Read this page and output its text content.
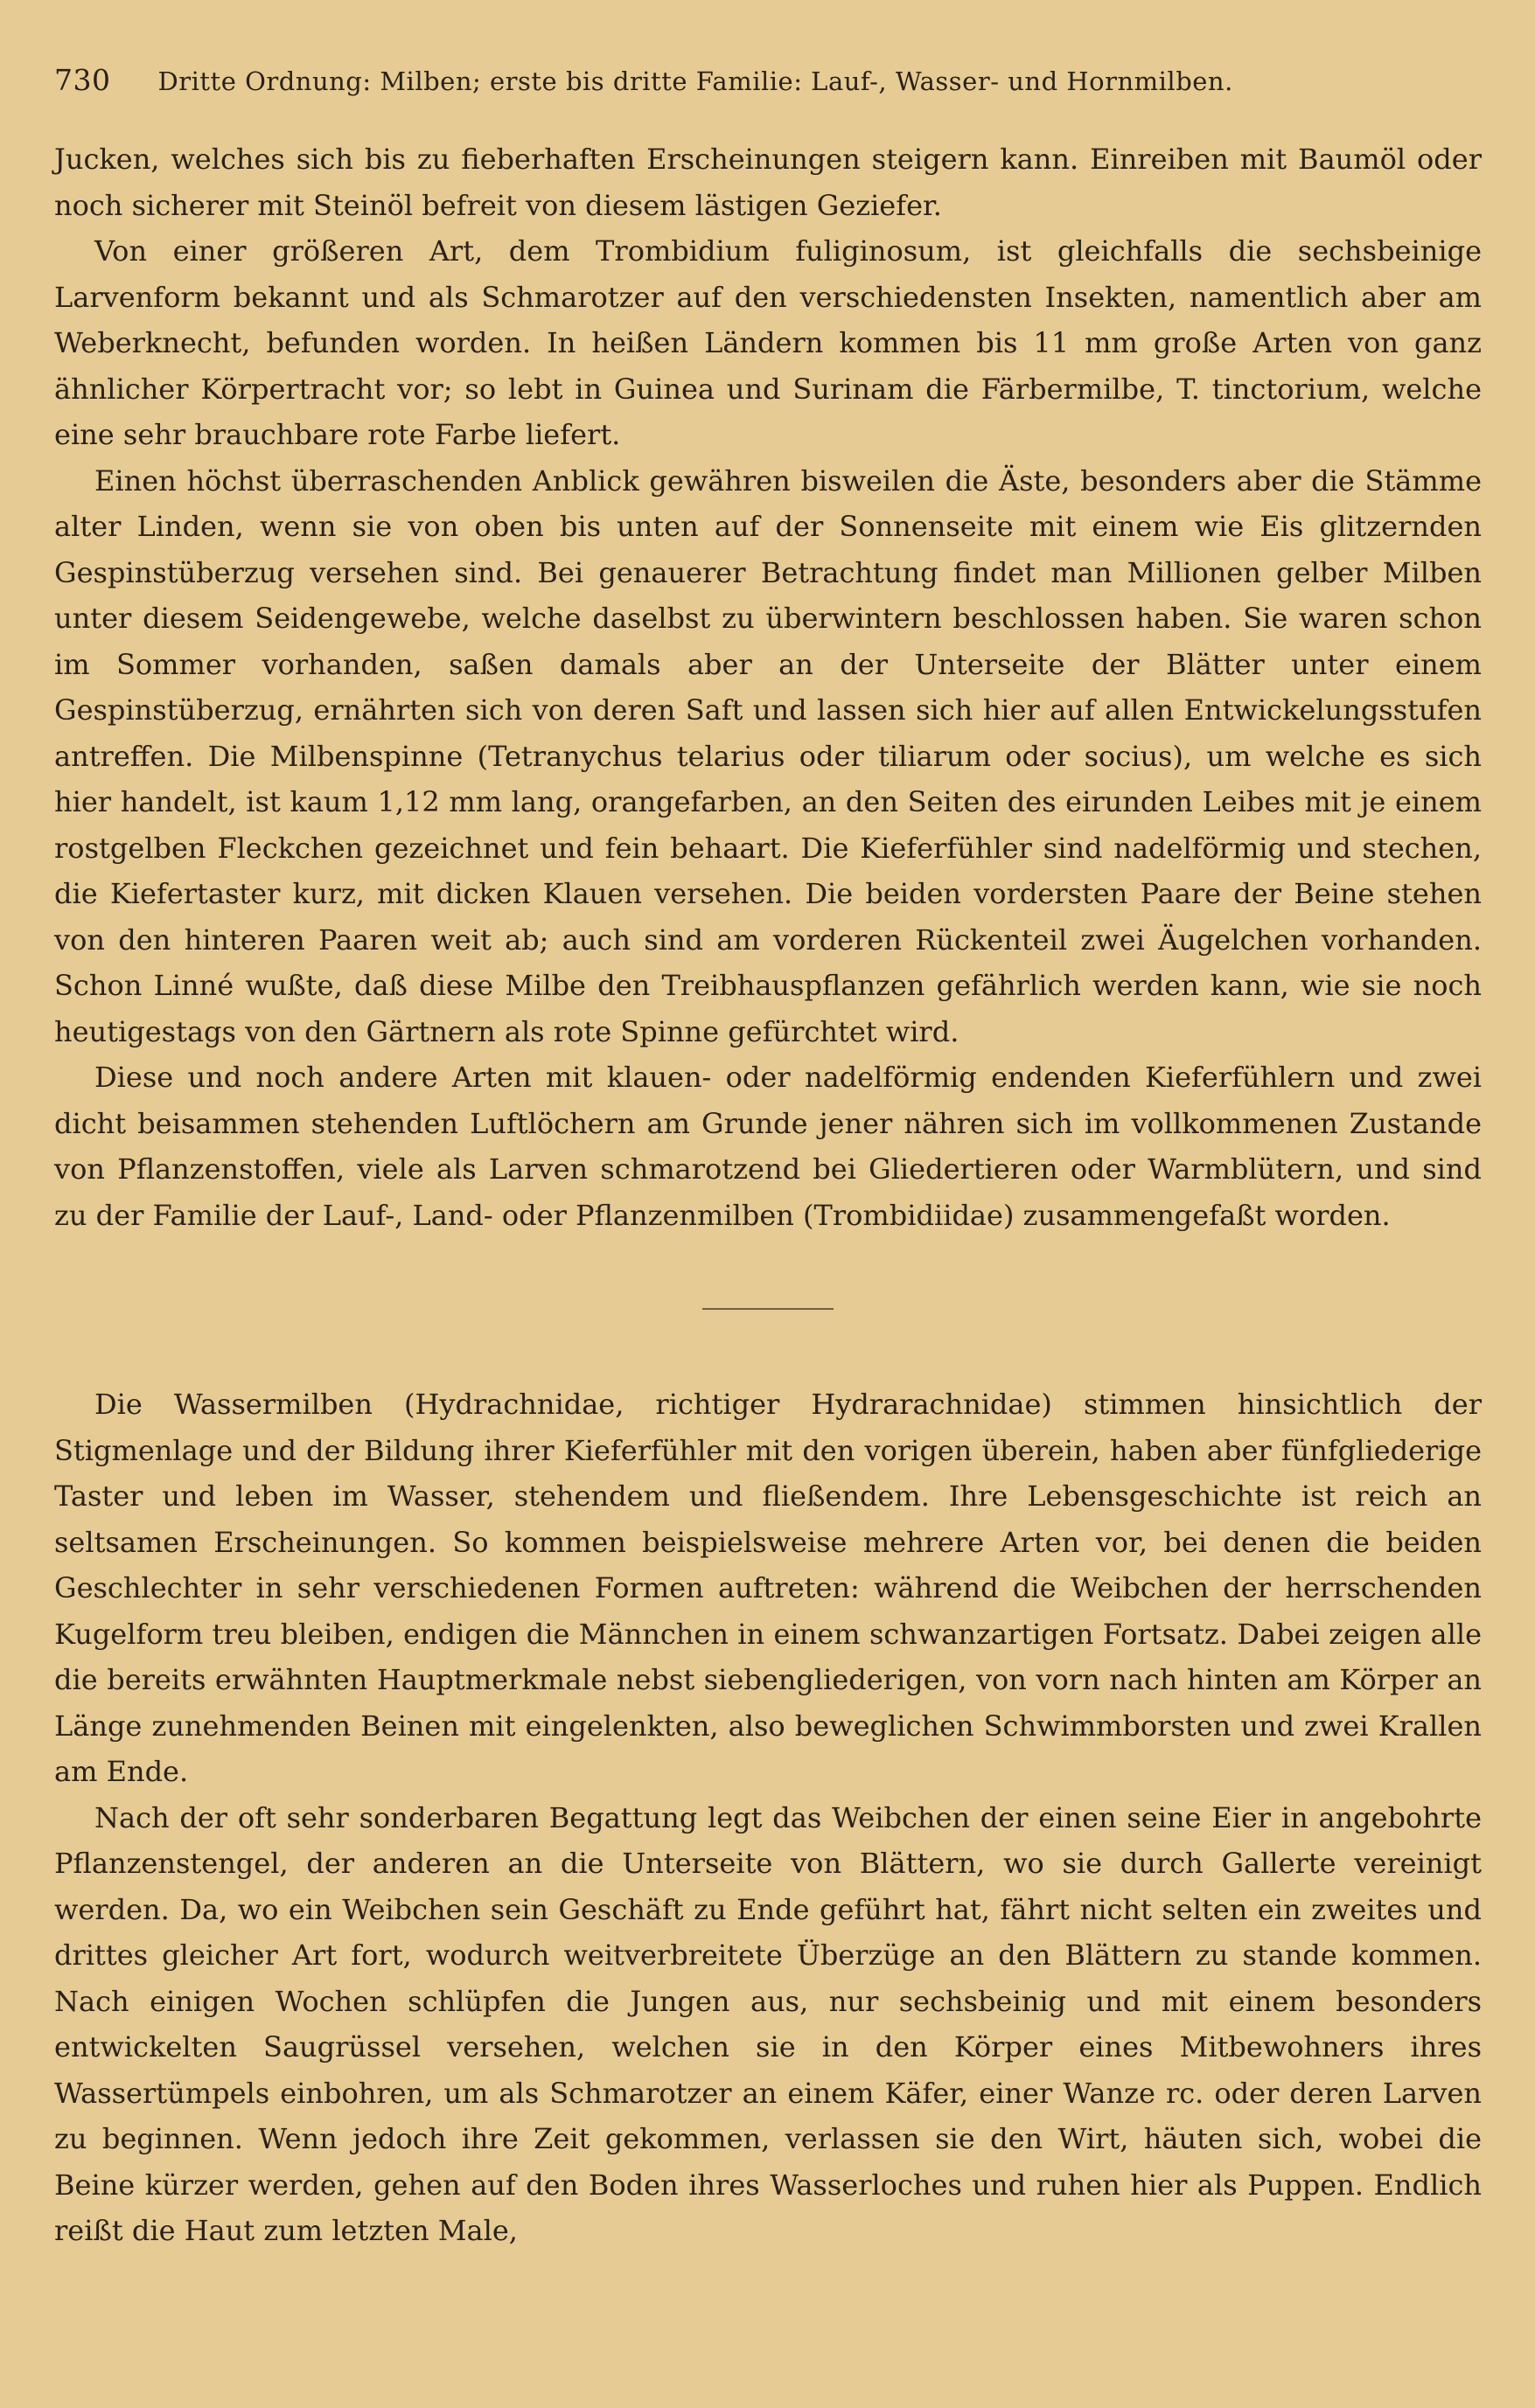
730 Dritte Ordnung: Milben; erste bis dritte Familie: Lauf-, Wasser- und Hornmilben.

Jucken, welches sich bis zu fieberhaften Erscheinungen steigern kann. Einreiben mit Baumöl oder noch sicherer mit Steinöl befreit von diesem lästigen Geziefer.

Von einer größeren Art, dem Trombidium fuliginosum, ist gleichfalls die sechsbeinige Larvenform bekannt und als Schmarotzer auf den verschiedensten Insekten, namentlich aber am Weberknecht, befunden worden. In heißen Ländern kommen bis 11 mm große Arten von ganz ähnlicher Körpertracht vor; so lebt in Guinea und Surinam die Färbermilbe, T. tinctorium, welche eine sehr brauchbare rote Farbe liefert.

Einen höchst überraschenden Anblick gewähren bisweilen die Äste, besonders aber die Stämme alter Linden, wenn sie von oben bis unten auf der Sonnenseite mit einem wie Eis glitzernden Gespinstüberzug versehen sind. Bei genauerer Betrachtung findet man Millionen gelber Milben unter diesem Seidengewebe, welche daselbst zu überwintern beschlossen haben. Sie waren schon im Sommer vorhanden, saßen damals aber an der Unterseite der Blätter unter einem Gespinstüberzug, ernährten sich von deren Saft und lassen sich hier auf allen Entwickelungsstufen antreffen. Die Milbenspinne (Tetranychus telarius oder tiliarum oder socius), um welche es sich hier handelt, ist kaum 1,12 mm lang, orangefarben, an den Seiten des eirunden Leibes mit je einem rostgelben Fleckchen gezeichnet und fein behaart. Die Kieferfühler sind nadelförmig und stechen, die Kiefertaster kurz, mit dicken Klauen versehen. Die beiden vordersten Paare der Beine stehen von den hinteren Paaren weit ab; auch sind am vorderen Rückenteil zwei Äugelchen vorhanden. Schon Linné wußte, daß diese Milbe den Treibhauspflanzen gefährlich werden kann, wie sie noch heutigestags von den Gärtnern als rote Spinne gefürchtet wird.

Diese und noch andere Arten mit klauen- oder nadelförmig endenden Kieferfühlern und zwei dicht beisammen stehenden Luftlöchern am Grunde jener nähren sich im vollkommenen Zustande von Pflanzenstoffen, viele als Larven schmarotzend bei Gliedertieren oder Warmblütern, und sind zu der Familie der Lauf-, Land- oder Pflanzenmilben (Trombidiidae) zusammengefaßt worden.

Die Wassermilben (Hydrachnidae, richtiger Hydrarachnidae) stimmen hinsichtlich der Stigmenlage und der Bildung ihrer Kieferfühler mit den vorigen überein, haben aber fünfgliederige Taster und leben im Wasser, stehendem und fließendem. Ihre Lebensgeschichte ist reich an seltsamen Erscheinungen. So kommen beispielsweise mehrere Arten vor, bei denen die beiden Geschlechter in sehr verschiedenen Formen auftreten: während die Weibchen der herrschenden Kugelform treu bleiben, endigen die Männchen in einem schwanzartigen Fortsatz. Dabei zeigen alle die bereits erwähnten Hauptmerkmale nebst siebengliederigen, von vorn nach hinten am Körper an Länge zunehmenden Beinen mit eingelenkten, also beweglichen Schwimmborsten und zwei Krallen am Ende.

Nach der oft sehr sonderbaren Begattung legt das Weibchen der einen seine Eier in angebohrte Pflanzenstengel, der anderen an die Unterseite von Blättern, wo sie durch Gallerte vereinigt werden. Da, wo ein Weibchen sein Geschäft zu Ende geführt hat, fährt nicht selten ein zweites und drittes gleicher Art fort, wodurch weitverbreitete Überzüge an den Blättern zu stande kommen. Nach einigen Wochen schlüpfen die Jungen aus, nur sechsbeinig und mit einem besonders entwickelten Saugrüssel versehen, welchen sie in den Körper eines Mitbewohners ihres Wassertümpels einbohren, um als Schmarotzer an einem Käfer, einer Wanze rc. oder deren Larven zu beginnen. Wenn jedoch ihre Zeit gekommen, verlassen sie den Wirt, häuten sich, wobei die Beine kürzer werden, gehen auf den Boden ihres Wasserloches und ruhen hier als Puppen. Endlich reißt die Haut zum letzten Male,
